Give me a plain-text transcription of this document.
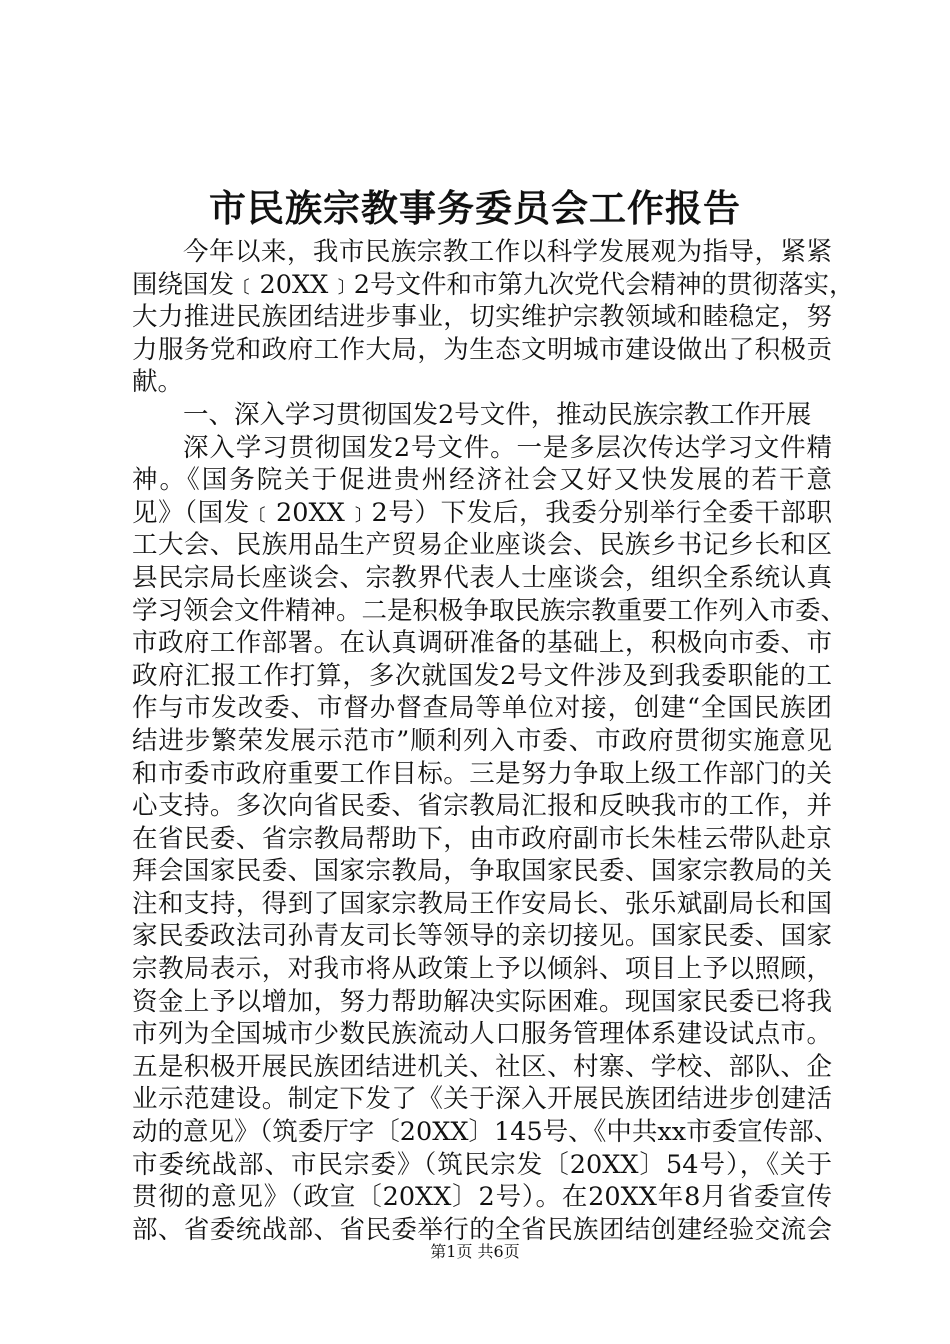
市民族宗教事务委员会工作报告
今年以来，我市民族宗教工作以科学发展观为指导，紧紧
围绕国发﹝20XX﹞2号文件和市第九次党代会精神的贯彻落实，
大力推进民族团结进步事业，切实维护宗教领域和睦稳定，努
力服务党和政府工作大局，为生态文明城市建设做出了积极贡
献。
一、深入学习贯彻国发2号文件，推动民族宗教工作开展
深入学习贯彻国发2号文件。一是多层次传达学习文件精
神。《国务院关于促进贵州经济社会又好又快发展的若干意
见》（国发﹝20XX﹞2号）下发后，我委分别举行全委干部职
工大会、民族用品生产贸易企业座谈会、民族乡书记乡长和区
县民宗局长座谈会、宗教界代表人士座谈会，组织全系统认真
学习领会文件精神。二是积极争取民族宗教重要工作列入市委、
市政府工作部署。在认真调研准备的基础上，积极向市委、市
政府汇报工作打算，多次就国发2号文件涉及到我委职能的工
作与市发改委、市督办督查局等单位对接，创建“全国民族团
结进步繁荣发展示范市”顺利列入市委、市政府贯彻实施意见
和市委市政府重要工作目标。三是努力争取上级工作部门的关
心支持。多次向省民委、省宗教局汇报和反映我市的工作，并
在省民委、省宗教局帮助下，由市政府副市长朱桂云带队赴京
拜会国家民委、国家宗教局，争取国家民委、国家宗教局的关
注和支持，得到了国家宗教局王作安局长、张乐斌副局长和国
家民委政法司孙青友司长等领导的亲切接见。国家民委、国家
宗教局表示，对我市将从政策上予以倾斜、项目上予以照顾，
资金上予以增加，努力帮助解决实际困难。现国家民委已将我
市列为全国城市少数民族流动人口服务管理体系建设试点市。
五是积极开展民族团结进机关、社区、村寨、学校、部队、企
业示范建设。制定下发了《关于深入开展民族团结进步创建活
动的意见》（筑委厅字〔20XX〕145号、《中共xx市委宣传部、
市委统战部、市民宗委》（筑民宗发〔20XX〕54号），《关于
贯彻的意见》（政宣〔20XX〕2号）。在20XX年8月省委宣传
部、省委统战部、省民委举行的全省民族团结创建经验交流会
第1页 共6页
